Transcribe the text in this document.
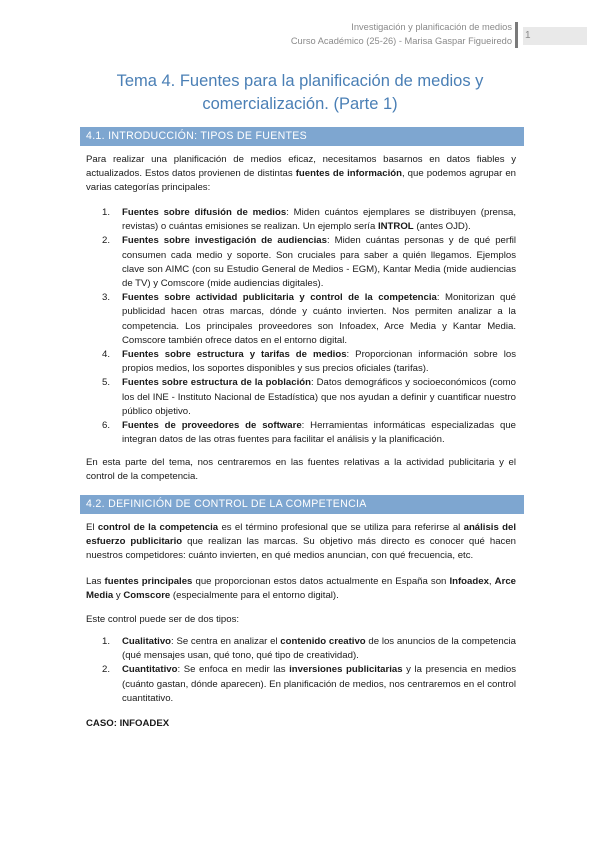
Investigación y planificación de medios
Curso Académico (25-26) - Marisa Gaspar Figueiredo 1
Tema 4. Fuentes para la planificación de medios y
comercialización. (Parte 1)
4.1. INTRODUCCIÓN: TIPOS DE FUENTES

Para realizar una planificación de medios eficaz, necesitamos basarnos en datos fiables y actualizados. Estos datos provienen de distintas fuentes de información, que podemos agrupar en varias categorías principales:

1. Fuentes sobre difusión de medios: Miden cuántos ejemplares se distribuyen (prensa, revistas) o cuántas emisiones se realizan. Un ejemplo sería INTROL (antes OJD).
2. Fuentes sobre investigación de audiencias: Miden cuántas personas y de qué perfil consumen cada medio y soporte. Son cruciales para saber a quién llegamos. Ejemplos clave son AIMC (con su Estudio General de Medios - EGM), Kantar Media (mide audiencias de TV) y Comscore (mide audiencias digitales).
3. Fuentes sobre actividad publicitaria y control de la competencia: Monitorizan qué publicidad hacen otras marcas, dónde y cuánto invierten. Nos permiten analizar a la competencia. Los principales proveedores son Infoadex, Arce Media y Kantar Media. Comscore también ofrece datos en el entorno digital.
4. Fuentes sobre estructura y tarifas de medios: Proporcionan información sobre los propios medios, los soportes disponibles y sus precios oficiales (tarifas).
5. Fuentes sobre estructura de la población: Datos demográficos y socioeconómicos (como los del INE - Instituto Nacional de Estadística) que nos ayudan a definir y cuantificar nuestro público objetivo.
6. Fuentes de proveedores de software: Herramientas informáticas especializadas que integran datos de las otras fuentes para facilitar el análisis y la planificación.

En esta parte del tema, nos centraremos en las fuentes relativas a la actividad publicitaria y el control de la competencia.

4.2. DEFINICIÓN DE CONTROL DE LA COMPETENCIA

El control de la competencia es el término profesional que se utiliza para referirse al análisis del esfuerzo publicitario que realizan las marcas. Su objetivo más directo es conocer qué hacen nuestros competidores: cuánto invierten, en qué medios anuncian, con qué frecuencia, etc.

Las fuentes principales que proporcionan estos datos actualmente en España son Infoadex, Arce Media y Comscore (especialmente para el entorno digital).

Este control puede ser de dos tipos:

1. Cualitativo: Se centra en analizar el contenido creativo de los anuncios de la competencia (qué mensajes usan, qué tono, qué tipo de creatividad).
2. Cuantitativo: Se enfoca en medir las inversiones publicitarias y la presencia en medios (cuánto gastan, dónde aparecen). En planificación de medios, nos centraremos en el control cuantitativo.

CASO: INFOADEX
